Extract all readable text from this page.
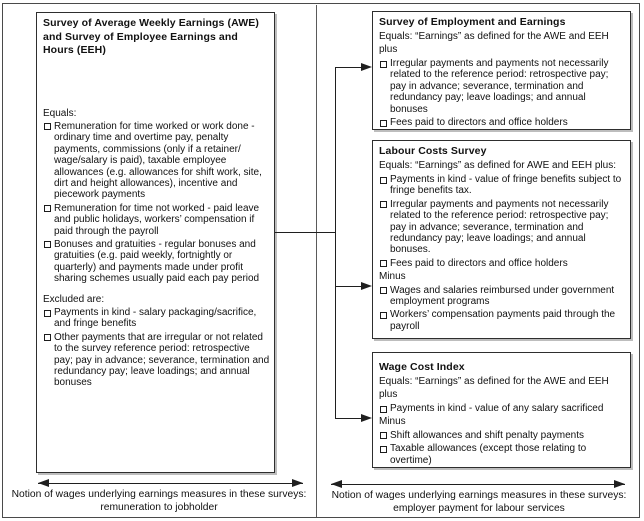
Survey of Average Weekly Earnings (AWE) and Survey of Employee Earnings and Hours (EEH)
Equals:
Remuneration for time worked or work done - ordinary time and overtime pay, penalty payments, commissions (only if a retainer/ wage/salary is paid), taxable employee allowances (e.g. allowances for shift work, site, dirt and height allowances), incentive and piecework payments
Remuneration for time not worked - paid leave and public holidays, workers’ compensation if paid through the payroll
Bonuses and gratuities - regular bonuses and gratuities (e.g. paid weekly, fortnightly or quarterly) and payments made under profit sharing schemes usually paid each pay period
Excluded are:
Payments in kind - salary packaging/sacrifice, and fringe benefits
Other payments that are irregular or not related to the survey reference period: retrospective pay; pay in advance; severance, termination and redundancy pay; leave loadings; and annual bonuses
Survey of Employment and Earnings
Equals: “Earnings” as defined for the AWE and EEH plus
Irregular payments and payments not necessarily related to the reference period: retrospective pay; pay in advance; severance, termination and redundancy pay; leave loadings; and annual bonuses
Fees paid to directors and office holders
Labour Costs Survey
Equals: “Earnings” as defined for AWE and EEH plus:
Payments in kind - value of fringe benefits subject to fringe benefits tax.
Irregular payments and payments not necessarily related to the reference period: retrospective pay; pay in advance; severance, termination and redundancy pay; leave loadings; and annual bonuses.
Fees paid to directors and office holders
Minus
Wages and salaries reimbursed under government employment programs
Workers’ compensation payments paid through the payroll
Wage Cost Index
Equals: “Earnings” as defined for the AWE and EEH plus
Payments in kind - value of any salary sacrificed
Minus
Shift allowances and shift penalty payments
Taxable allowances (except those relating to overtime)
Notion of wages underlying earnings measures in these surveys:
remuneration to jobholder
Notion of wages underlying earnings measures in these surveys:
employer payment for labour services
